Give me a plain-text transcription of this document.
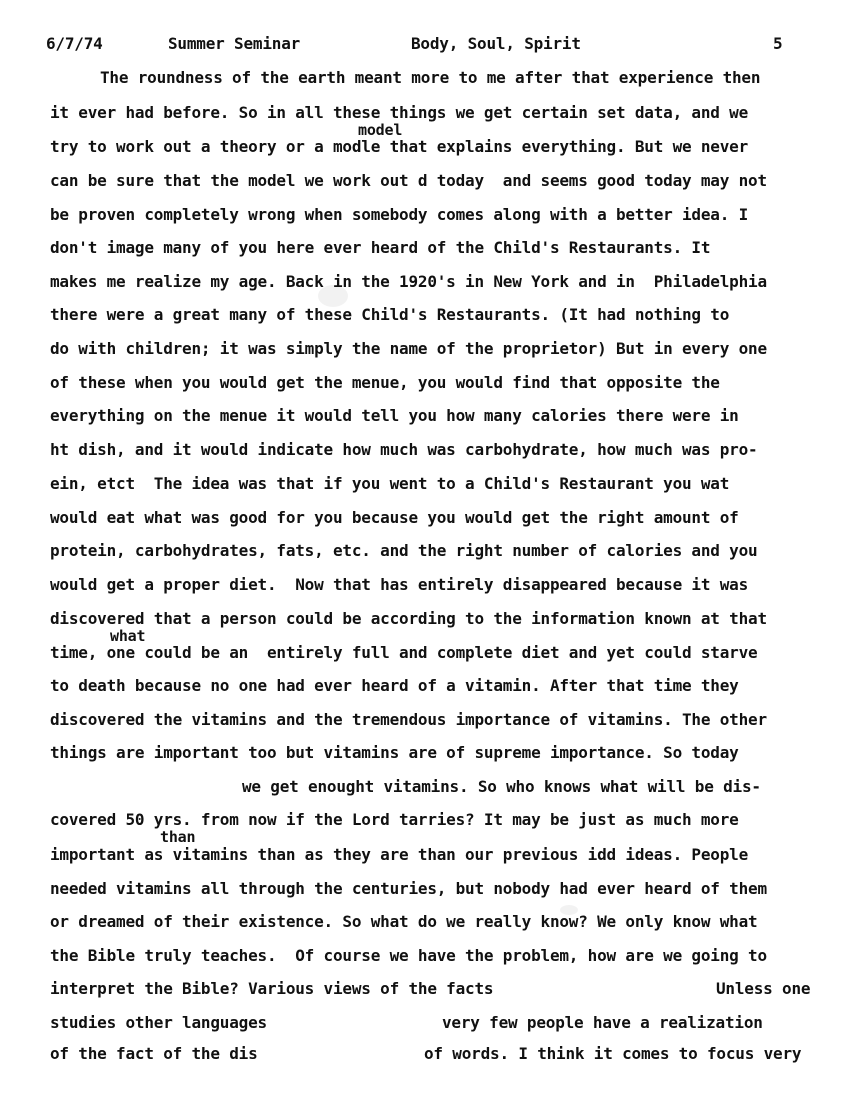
6/7/74	Summer Seminar	Body, Soul, Spirit	5
model
what
than
The roundness of the earth meant more to me after that experience then
it ever had before. So in all these things we get certain set data, and we
try to work out a theory or a modle that explains everything. But we never
can be sure that the model we work out d today  and seems good today may not
be proven completely wrong when somebody comes along with a better idea. I
don't image many of you here ever heard of the Child's Restaurants. It
makes me realize my age. Back in the 1920's in New York and in  Philadelphia
there were a great many of these Child's Restaurants. (It had nothing to
do with children; it was simply the name of the proprietor) But in every one
of these when you would get the menue, you would find that opposite the
everything on the menue it would tell you how many calories there were in
ht dish, and it would indicate how much was carbohydrate, how much was pro-
ein, etct  The idea was that if you went to a Child's Restaurant you wat
would eat what was good for you because you would get the right amount of
protein, carbohydrates, fats, etc. and the right number of calories and you
would get a proper diet.  Now that has entirely disappeared because it was
discovered that a person could be according to the information known at that
time, one could be an  entirely full and complete diet and yet could starve
to death because no one had ever heard of a vitamin. After that time they
discovered the vitamins and the tremendous importance of vitamins. The other
things are important too but vitamins are of supreme importance. So today
we get enought vitamins. So who knows what will be dis-
covered 50 yrs. from now if the Lord tarries? It may be just as much more
important as vitamins than as they are than our previous idd ideas. People
needed vitamins all through the centuries, but nobody had ever heard of them
or dreamed of their existence. So what do we really know? We only know what
the Bible truly teaches.  Of course we have the problem, how are we going to
interpret the Bible? Various views of the facts	Unless one
studies other languages	very few people have a realization
of the fact of the dis	of words. I think it comes to focus very
